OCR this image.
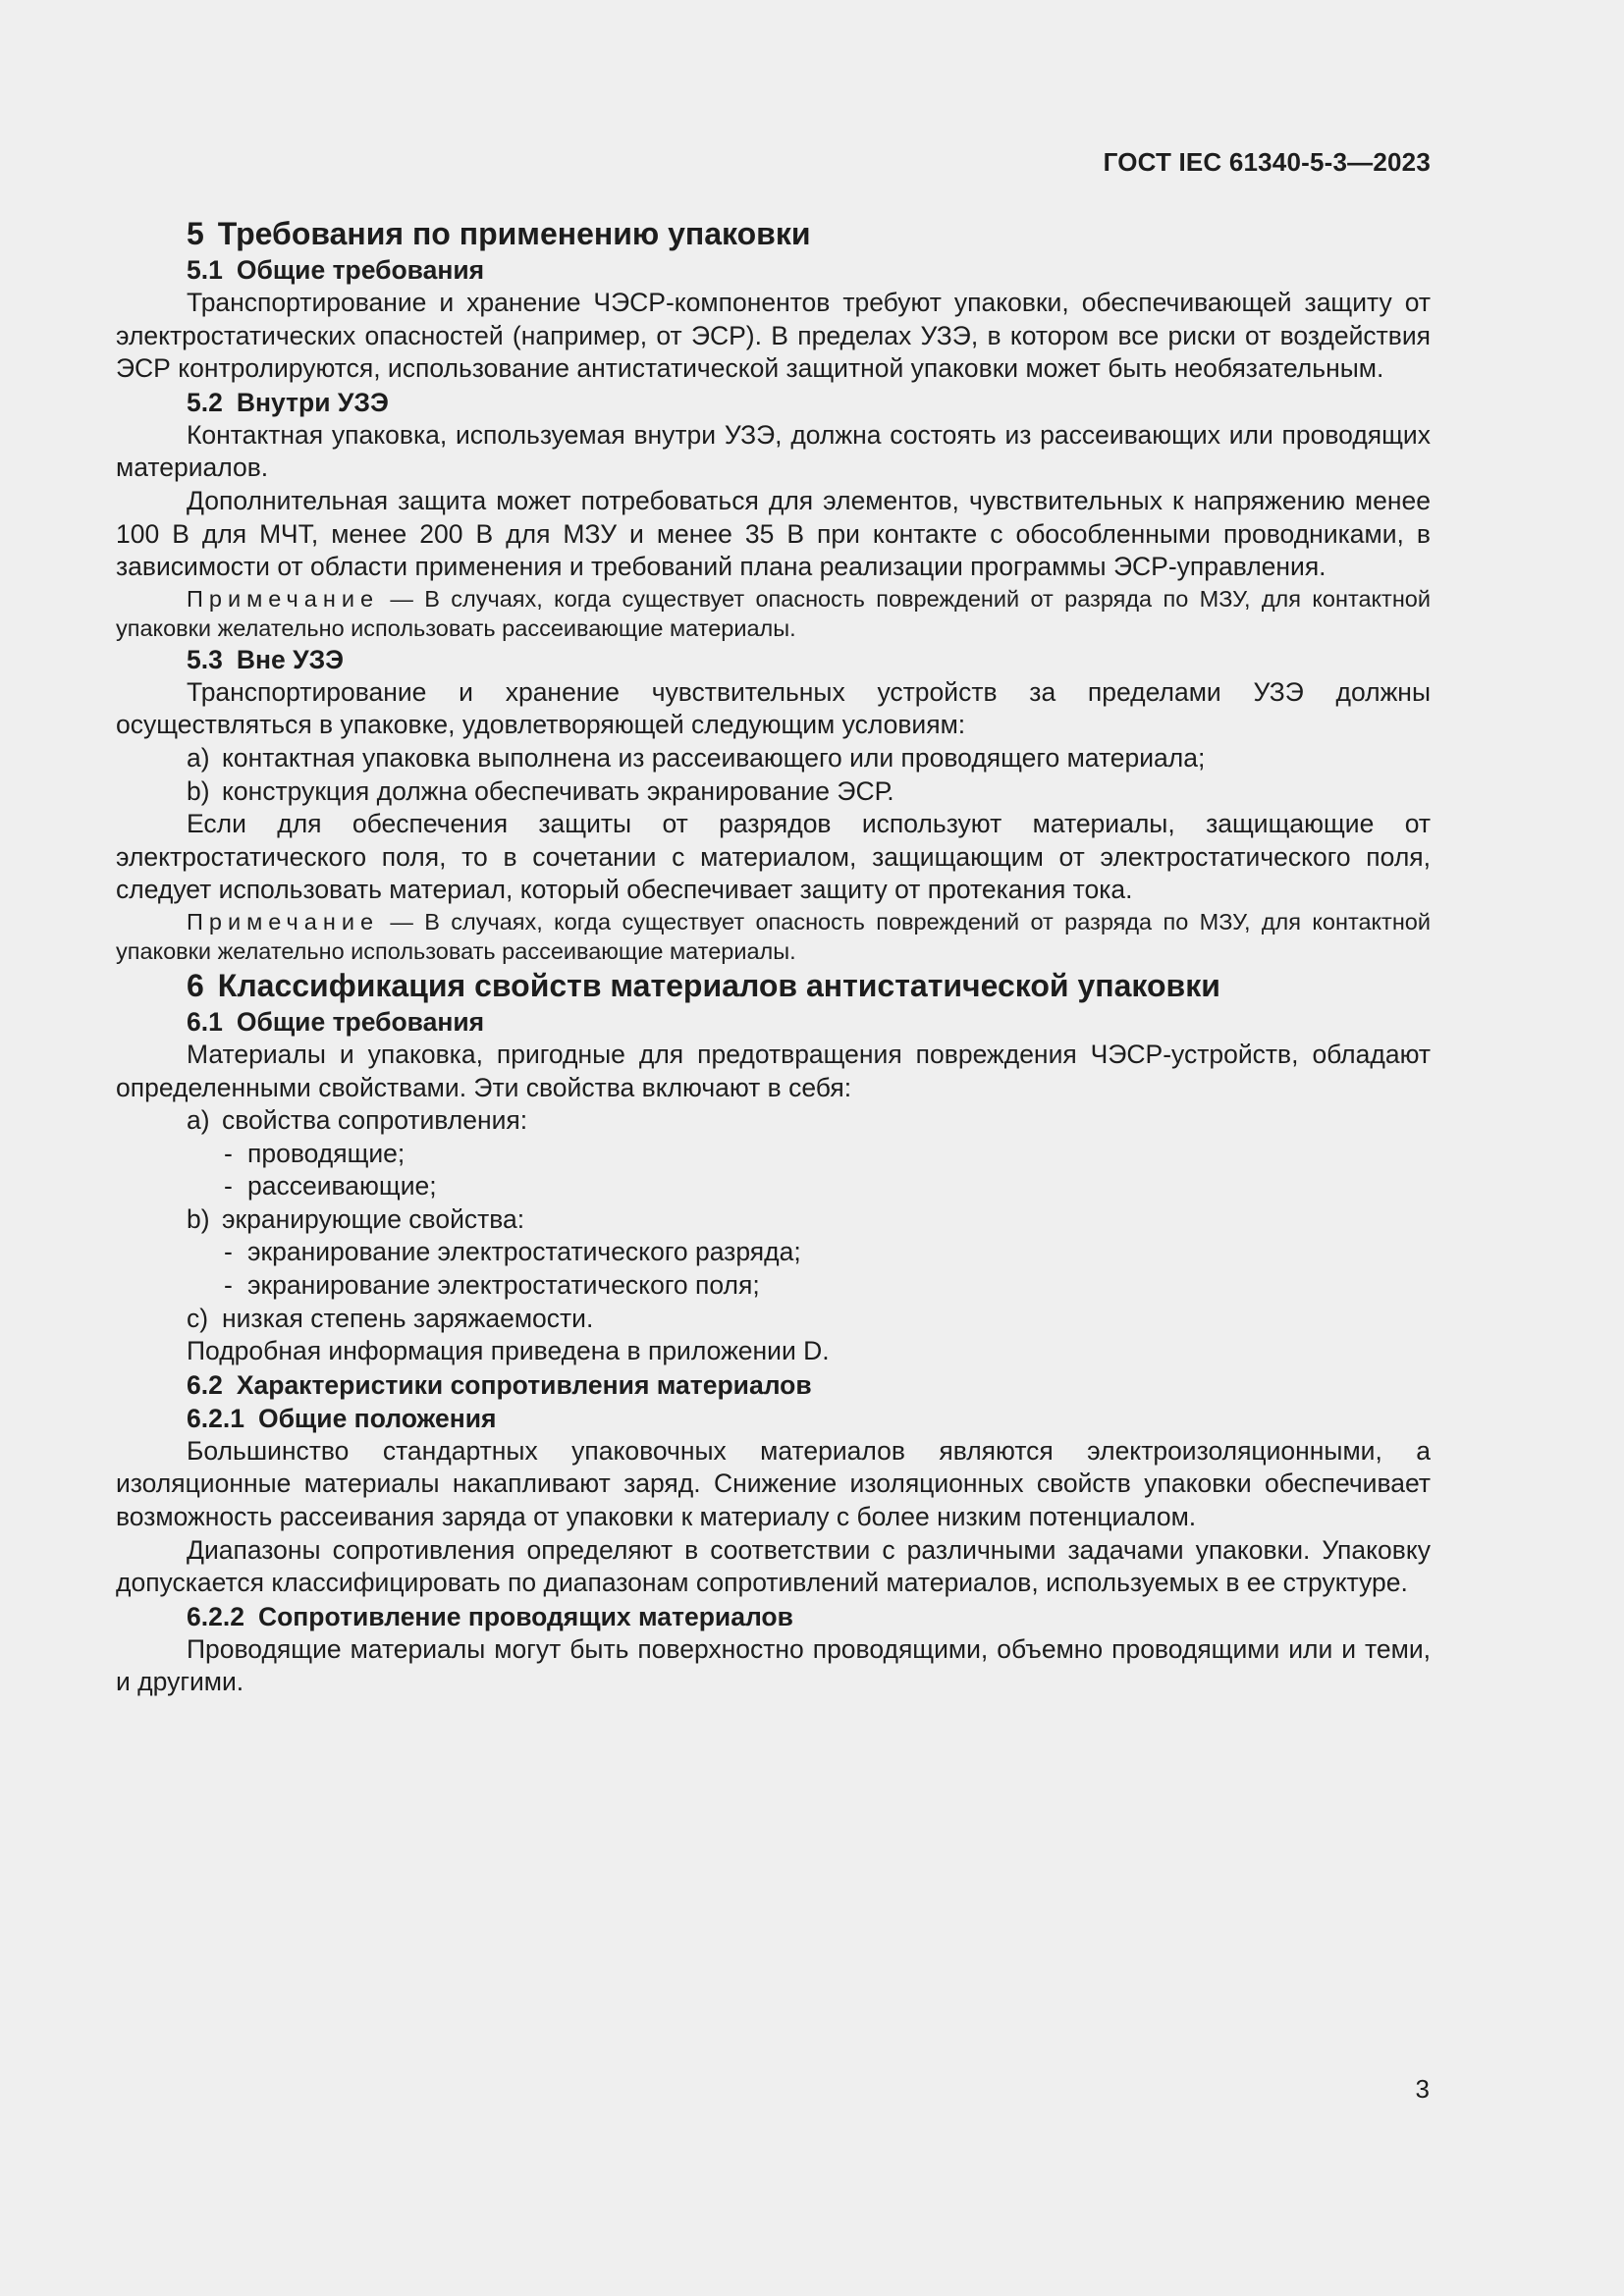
ГОСТ IEC 61340-5-3—2023

5 Требования по применению упаковки

5.1 Общие требования

Транспортирование и хранение ЧЭСР-компонентов требуют упаковки, обеспечивающей защиту от электростатических опасностей (например, от ЭСР). В пределах УЗЭ, в котором все риски от воздействия ЭСР контролируются, использование антистатической защитной упаковки может быть необязательным.

5.2 Внутри УЗЭ

Контактная упаковка, используемая внутри УЗЭ, должна состоять из рассеивающих или проводящих материалов.

Дополнительная защита может потребоваться для элементов, чувствительных к напряжению менее 100 В для МЧТ, менее 200 В для МЗУ и менее 35 В при контакте с обособленными проводниками, в зависимости от области применения и требований плана реализации программы ЭСР-управления.

Примечание — В случаях, когда существует опасность повреждений от разряда по МЗУ, для контактной упаковки желательно использовать рассеивающие материалы.

5.3 Вне УЗЭ

Транспортирование и хранение чувствительных устройств за пределами УЗЭ должны осуществляться в упаковке, удовлетворяющей следующим условиям:

a) контактная упаковка выполнена из рассеивающего или проводящего материала;

b) конструкция должна обеспечивать экранирование ЭСР.

Если для обеспечения защиты от разрядов используют материалы, защищающие от электростатического поля, то в сочетании с материалом, защищающим от электростатического поля, следует использовать материал, который обеспечивает защиту от протекания тока.

Примечание — В случаях, когда существует опасность повреждений от разряда по МЗУ, для контактной упаковки желательно использовать рассеивающие материалы.

6 Классификация свойств материалов антистатической упаковки

6.1 Общие требования

Материалы и упаковка, пригодные для предотвращения повреждения ЧЭСР-устройств, обладают определенными свойствами. Эти свойства включают в себя:

a) свойства сопротивления:

- проводящие;

- рассеивающие;

b) экранирующие свойства:

- экранирование электростатического разряда;

- экранирование электростатического поля;

c) низкая степень заряжаемости.

Подробная информация приведена в приложении D.

6.2 Характеристики сопротивления материалов

6.2.1 Общие положения

Большинство стандартных упаковочных материалов являются электроизоляционными, а изоляционные материалы накапливают заряд. Снижение изоляционных свойств упаковки обеспечивает возможность рассеивания заряда от упаковки к материалу с более низким потенциалом.

Диапазоны сопротивления определяют в соответствии с различными задачами упаковки. Упаковку допускается классифицировать по диапазонам сопротивлений материалов, используемых в ее структуре.

6.2.2 Сопротивление проводящих материалов

Проводящие материалы могут быть поверхностно проводящими, объемно проводящими или и теми, и другими.

3
